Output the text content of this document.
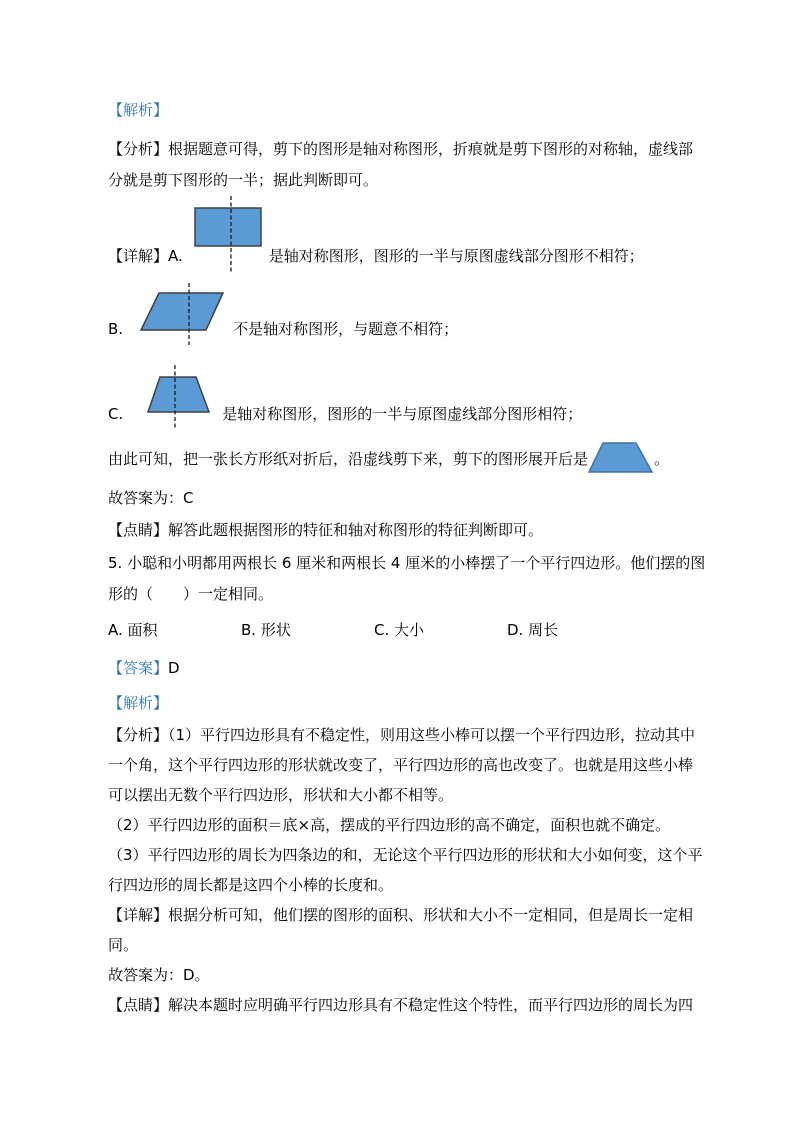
【解析】
【分析】根据题意可得，剪下的图形是轴对称图形，折痕就是剪下图形的对称轴，虚线部
分就是剪下图形的一半；据此判断即可。
【详解】A.	是轴对称图形，图形的一半与原图虚线部分图形不相符；
B.	不是轴对称图形，与题意不相符；
C.	是轴对称图形，图形的一半与原图虚线部分图形相符；
由此可知，把一张长方形纸对折后，沿虚线剪下来，剪下的图形展开后是	。
故答案为：C
【点睛】解答此题根据图形的特征和轴对称图形的特征判断即可。
5. 小聪和小明都用两根长 6 厘米和两根长 4 厘米的小棒摆了一个平行四边形。他们摆的图
形的（　　）一定相同。
A. 面积	B. 形状	C. 大小	D. 周长
【答案】D
【解析】
【分析】（1）平行四边形具有不稳定性，则用这些小棒可以摆一个平行四边形，拉动其中
一个角，这个平行四边形的形状就改变了，平行四边形的高也改变了。也就是用这些小棒
可以摆出无数个平行四边形，形状和大小都不相等。
（2）平行四边形的面积＝底×高，摆成的平行四边形的高不确定，面积也就不确定。
（3）平行四边形的周长为四条边的和，无论这个平行四边形的形状和大小如何变，这个平
行四边形的周长都是这四个小棒的长度和。
【详解】根据分析可知，他们摆的图形的面积、形状和大小不一定相同，但是周长一定相
同。
故答案为：D。
【点睛】解决本题时应明确平行四边形具有不稳定性这个特性，而平行四边形的周长为四
